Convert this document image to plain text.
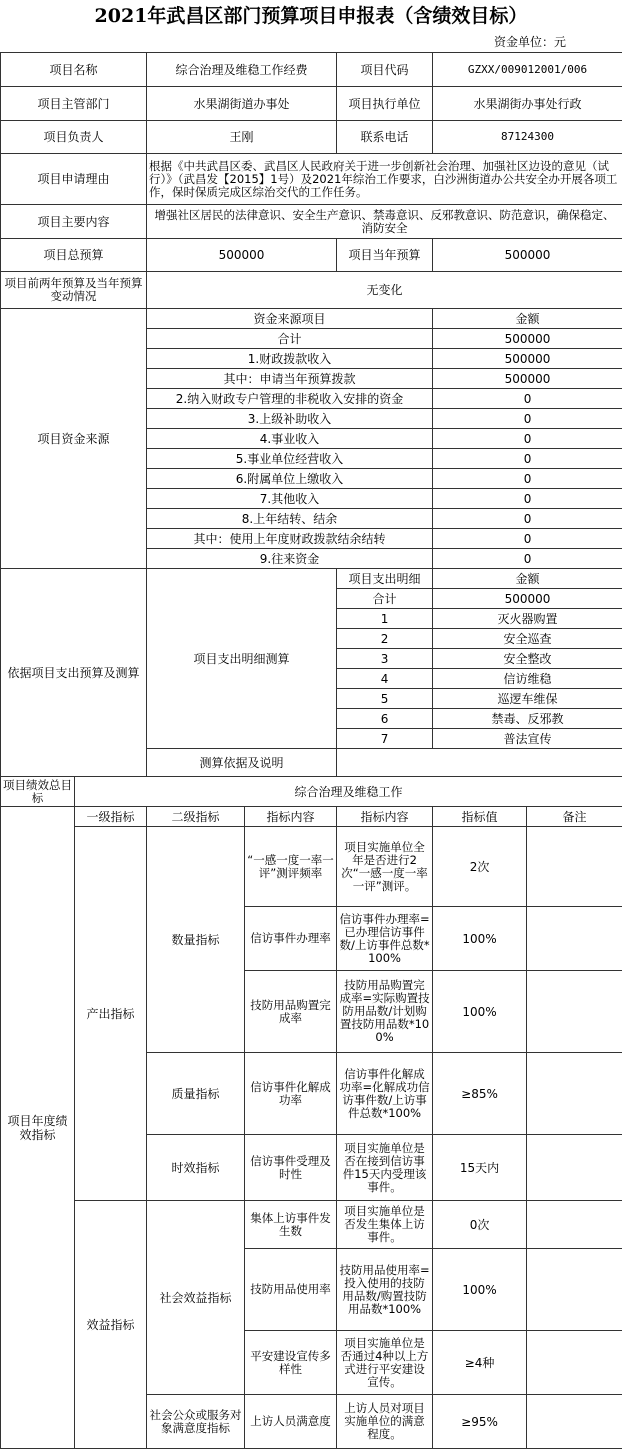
2021年武昌区部门预算项目申报表（含绩效目标）
资金单位：元
项目名称		综合治理及维稳工作经费		项目代码	GZXX/009012001/006	
项目主管部门		水果湖街道办事处		项目执行单位	水果湖街办事处行政	
项目负责人		王刚		联系电话	87124300	
项目申请理由		根据《中共武昌区委、武昌区人民政府关于进一步创新社会治理、加强社区边设的意见（试行）》（武昌发【2015】1号）及2021年综治工作要求，白沙洲街道办公共安全办开展各项工作，保时保质完成区综治交代的工作任务。				
项目主要内容		增强社区居民的法律意识、安全生产意识、禁毒意识、反邪教意识、防范意识，确保稳定、消防安全				
项目总预算		500000		项目当年预算	500000	
项目前两年预算及当年预算变动情况		无变化				
项目资金来源		资金来源项目			金额	
		合计			500000	
		1.财政拨款收入			500000	
		其中：申请当年预算拨款			500000	
		2.纳入财政专户管理的非税收入安排的资金			0	
		3.上级补助收入			0	
		4.事业收入			0	
		5.事业单位经营收入			0	
		6.附属单位上缴收入			0	
		7.其他收入			0	
		8.上年结转、结余			0	
		其中：使用上年度财政拨款结余结转			0	
		9.往来资金			0	
依据项目支出预算及测算		项目支出明细测算		项目支出明细	金额	
				合计	500000	
				1	灭火器购置	
				2	安全巡查	
				3	安全整改	
				4	信访维稳	
				5	巡逻车维保	
				6	禁毒、反邪教	
				7	普法宣传	
		测算依据及说明				
项目绩效总目标	综合治理及维稳工作					
项目年度绩效指标	一级指标	二级指标	指标内容	指标内容	指标值	备注
	产出指标	数量指标	“一感一度一率一评”测评频率	项目实施单位全年是否进行2次“一感一度一率一评”测评。	2次	
			信访事件办理率	信访事件办理率=已办理信访事件数/上访事件总数*100%	100%	
			技防用品购置完成率	技防用品购置完成率=实际购置技防用品数/计划购置技防用品数*100%	100%	
		质量指标	信访事件化解成功率	信访事件化解成功率=化解成功信访事件数/上访事件总数*100%	≥85%	
		时效指标	信访事件受理及时性	项目实施单位是否在接到信访事件15天内受理该事件。	15天内	
	效益指标	社会效益指标	集体上访事件发生数	项目实施单位是否发生集体上访事件。	0次	
			技防用品使用率	技防用品使用率=投入使用的技防用品数/购置技防用品数*100%	100%	
			平安建设宣传多样性	项目实施单位是否通过4种以上方式进行平安建设宣传。	≥4种	
		社会公众或服务对象满意度指标	上访人员满意度	上访人员对项目实施单位的满意程度。	≥95%	
